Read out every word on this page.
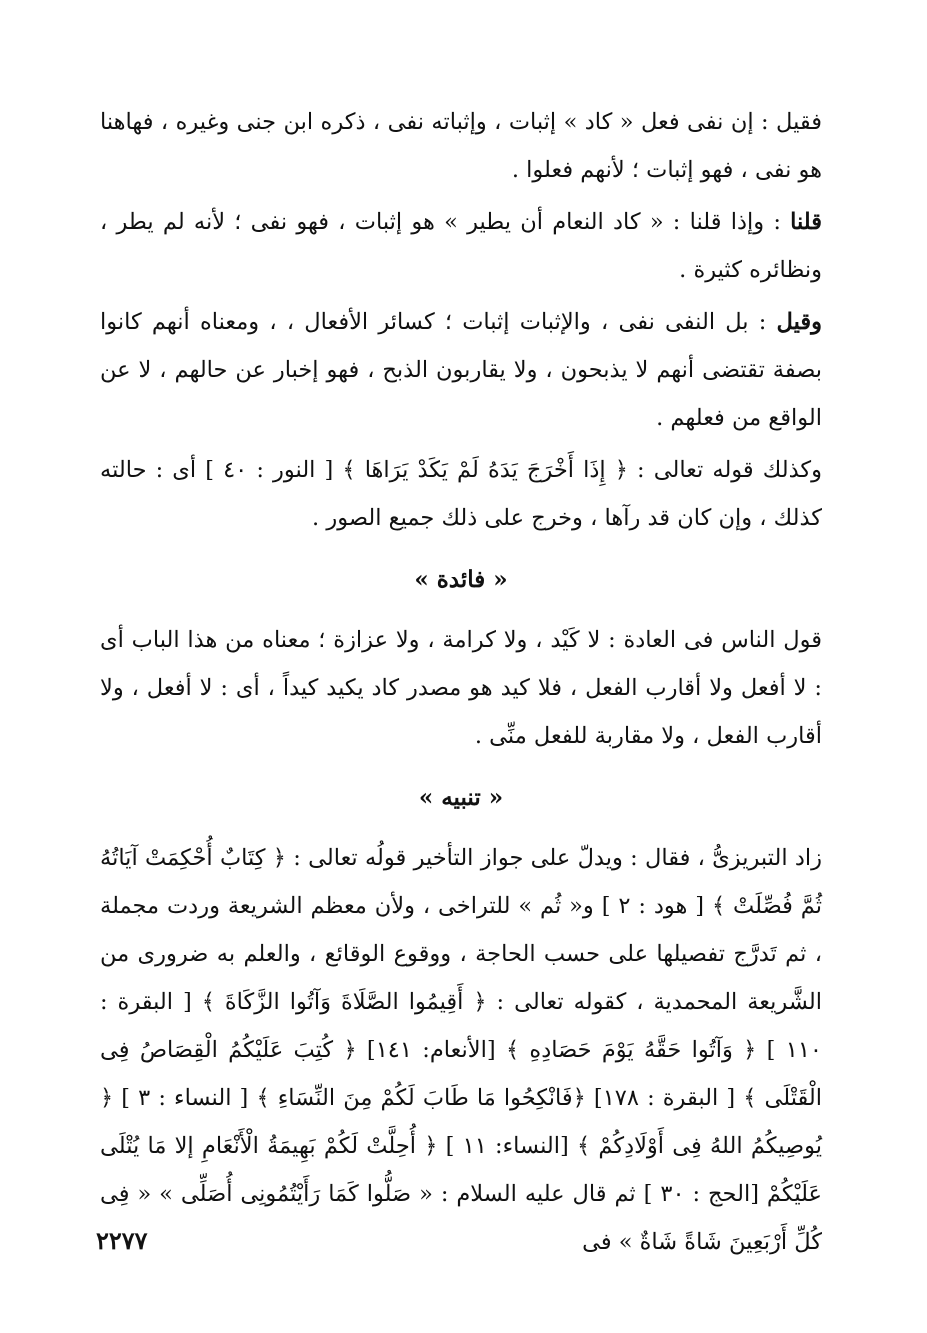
فقيل : إن نفى فعل « كاد » إثبات ، وإثباته نفى ، ذكره ابن جنى وغيره ، فهاهنا هو نفى ، فهو إثبات ؛ لأنهم فعلوا .

قلنا : وإذا قلنا : « كاد النعام أن يطير » هو إثبات ، فهو نفى ؛ لأنه لم يطر ، ونظائره كثيرة .

وقيل : بل النفى نفى ، والإثبات إثبات ؛ كسائر الأفعال ، ، ومعناه أنهم كانوا بصفة تقتضى أنهم لا يذبحون ، ولا يقاربون الذبح ، فهو إخبار عن حالهم ، لا عن الواقع من فعلهم .

وكذلك قوله تعالى : ﴿ إِذَا أَخْرَجَ يَدَهُ لَمْ يَكَدْ يَرَاهَا ﴾ [ النور : ٤٠ ] أى : حالته كذلك ، وإن كان قد رآها ، وخرج على ذلك جميع الصور .

« فائدة »

قول الناس فى العادة : لا كَيْد ، ولا كرامة ، ولا عزازة ؛ معناه من هذا الباب أى : لا أفعل ولا أقارب الفعل ، فلا كيد هو مصدر كاد يكيد كيداً ، أى : لا أفعل ، ولا أقارب الفعل ، ولا مقاربة للفعل منِّى .

« تنبيه »

زاد التبريزىُّ ، فقال : ويدلّ على جواز التأخير قولُه تعالى : ﴿ كِتَابٌ أُحْكِمَتْ آيَاتُهُ ثُمَّ فُصِّلَتْ ﴾ [ هود : ٢ ] و« ثُم » للتراخى ، ولأن معظم الشريعة وردت مجملة ، ثم تَدرَّج تفصيلها على حسب الحاجة ، ووقوع الوقائع ، والعلم به ضرورى من الشَّريعة المحمدية ، كقوله تعالى : ﴿ أَقِيمُوا الصَّلَاةَ وَآتُوا الزَّكَاةَ ﴾ [ البقرة : ١١٠ ] ﴿ وَآتُوا حَقَّهُ يَوْمَ حَصَادِهِ ﴾ [الأنعام: ١٤١] ﴿ كُتِبَ عَلَيْكُمُ الْقِصَاصُ فِى الْقَتْلَى ﴾ [ البقرة : ١٧٨] ﴿فَانْكِحُوا مَا طَابَ لَكُمْ مِنَ النِّسَاءِ ﴾ [ النساء : ٣ ] ﴿ يُوصِيكُمُ اللهُ فِى أَوْلَادِكُمْ ﴾ [النساء: ١١ ] ﴿ أُحِلَّتْ لَكُمْ بَهِيمَةُ الْأَنْعَامِ إلا مَا يُتْلَى عَلَيْكُمْ [الحج : ٣٠ ] ثم قال عليه السلام : « صَلُّوا كَمَا رَأَيْتُمُونِى أُصَلِّى » « فِى كُلِّ أَرْبَعِينَ شَاةً شَاةٌ » فى

٢٢٧٧
